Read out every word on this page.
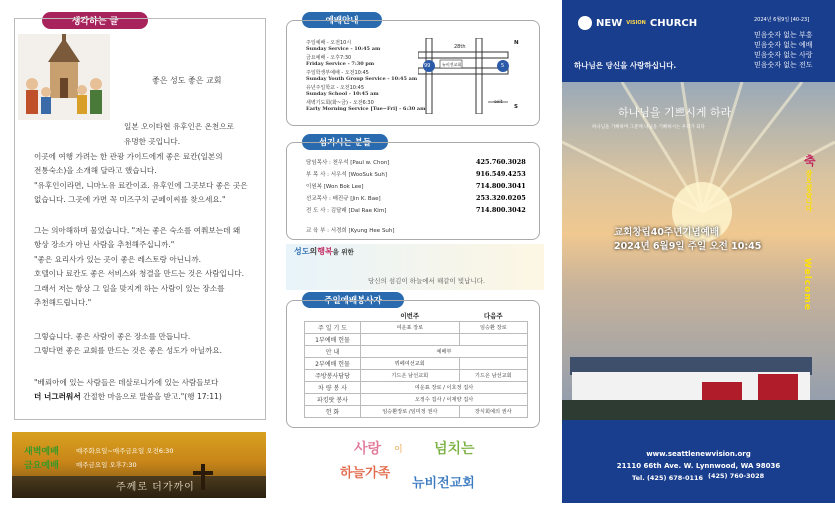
생각하는 글
좋은 성도 좋은 교회
일본 오이타현 유후인은 온천으로
유명한 곳입니다.
이곳에 여행 가려는 한 관광 가이드에게 좋은 료칸(일본의
전통숙소)을 소개해 달라고 했습니다.
"유후인이라면, 니마노유 료칸이죠. 유후인에 그곳보다 좋은 곳은
없습니다. 그곳에 가면 꼭 미즈구치 군페이씨를 찾으세요."
그는 의아해하며 물었습니다. "저는 좋은 숙소를 여쭤보는데 왜
항상 장소가 아닌 사람을 추천해주십니까."
"좋은 요리사가 있는 곳이 좋은 레스토랑 아닌니까.
호텔이나 료칸도 좋은 서비스와 청결을 만드는 것은 사람입니다.
그래서 저는 항상 그 일을 맞지게 하는 사람이 있는 장소를
추천해드립니다."
그렇습니다. 좋은 사람이 좋은 장소를 만듭니다.
그렇다면 좋은 교회를 만드는 것은 좋은 성도가 아닐까요.
"베뢰아에 있는 사람들은 데살로니가에 있는 사람들보다
더 너그러워서 간절한 마음으로 말씀을 받고."(행 17:11)
새벽예배	매주화요일~매주금요일 오전6:30
금요예배	매주금요일 오후7:30
주께로 더가까이
예배안내
주일예배 - 오전10시
Sunday Service - 10:45 am
금요예배 - 오후7:30
Friday Service - 7:30 pm
주일학생부예배 - 오전10:45
Sunday Youth Group Service - 10:45 am
유년주일학교 - 오전10:45
Sunday School - 10:45 am
새벽기도회(화~금) - 오전6:30
Early Morning Service [Tue~Fri] - 6:30 am
28th
99	5
뉴비전교회
exit
N
S
섬기시는 분들
담임목사 : 천우석 [Paul w. Chon]	425.760.3028
부 목 사 : 서우석 [WooSuk Suh]	916.549.4253
이원복 [Won Bok Lee]	714.800.3041
선교목사 : 배진규 [Jin K. Bae]	253.320.0205
전 도 사 : 김달래 [Dal Rae Kim]	714.800.3042
교 육 부 : 서경희 [Kyung Hee Suh]
성도의행복을 위한
당신의 섬김이 하늘에서 해같이 빛납니다.
주일예배봉사자
	이번주	다음주
주 일 기 도	여운표 장로	임승환 장로
1부예배 헌물		
안 내	예배부	
2부예배 헌물	뷔페여선교회	
주방봉사담당	기드온 남선교회	기드온 남선교회
차 량 봉 사	여운표 장로 / 이호정 집사	
파킹랏 봉사	오정수 집사 / 이재양 집사	
헌 화	임승환장로 /임미정 권사	장식회예의 권사
사랑 이 넘치는
하늘가족
뉴비전교회
NEW VISION CHURCH	2024년 6월9일 [40-23]
믿음숫자 없는 부흥
믿음숫자 없는 예배
믿음숫자 없는 사랑
믿음숫자 없는 전도
하나님은 당신을 사랑하십니다.
하나님을 기쁘시게 하라
하나님을 기뻐하며 그분께 나님을 기뻐하시는 우리가 되다
축
잘오셨습니다
Welcome
교회창립40주년기념예배
2024년 6월9일 주일 오전 10:45
www.seattlenewvision.org
21110 66th Ave. W. Lynnwood, WA 98036
Tel. (425) 678-0116 (425) 760-3028
